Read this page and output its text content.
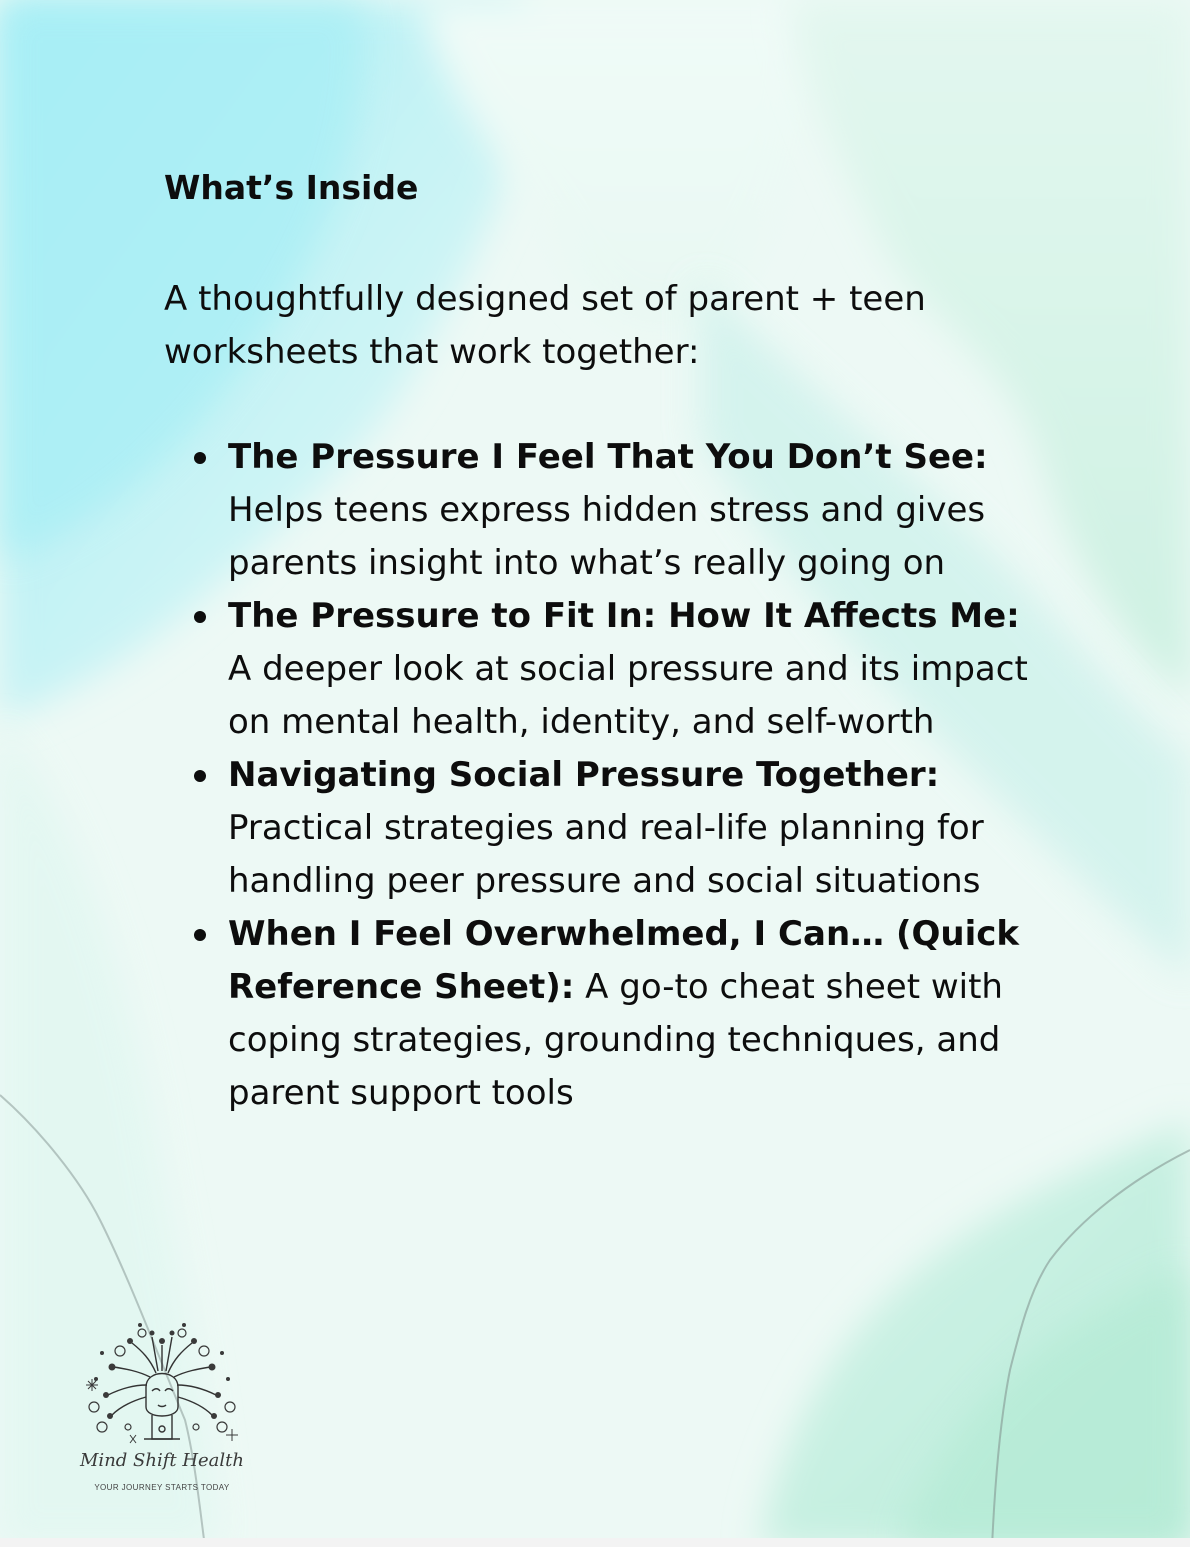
What’s Inside

A thoughtfully designed set of parent + teen worksheets that work together:

The Pressure I Feel That You Don’t See: Helps teens express hidden stress and gives parents insight into what’s really going on
The Pressure to Fit In: How It Affects Me: A deeper look at social pressure and its impact on mental health, identity, and self-worth
Navigating Social Pressure Together: Practical strategies and real-life planning for handling peer pressure and social situations
When I Feel Overwhelmed, I Can… (Quick Reference Sheet): A go-to cheat sheet with coping strategies, grounding techniques, and parent support tools
Mind Shift Health
YOUR JOURNEY STARTS TODAY
